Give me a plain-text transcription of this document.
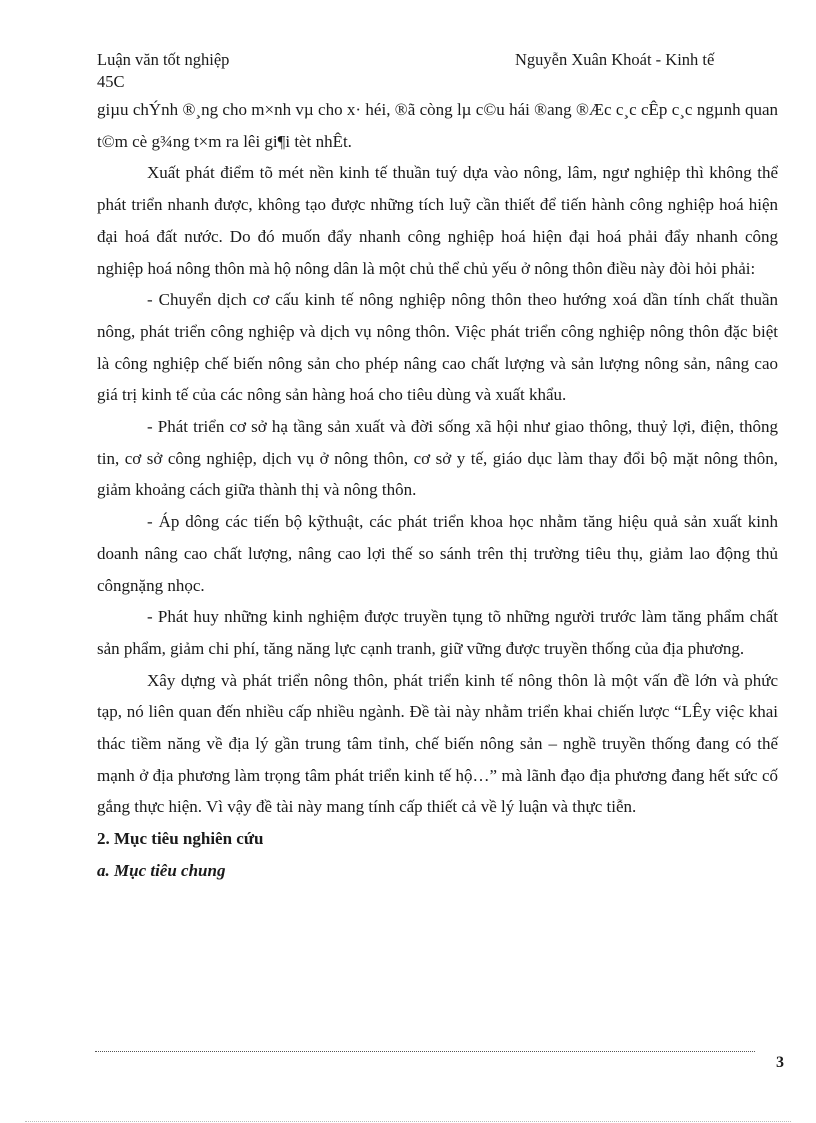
Luận văn tốt nghiệp	Nguyễn Xuân Khoát - Kinh tế
45C

giµu chÝnh ®¸ng cho m×nh vµ cho x· héi, ®ã còng lµ c©u hái ®ang ®Æc c¸c cÊp c¸c ngµnh quan t©m cè g¾ng t×m ra lêi gi¶i tèt nhÊt.

Xuất phát điểm tõ mét nền kinh tế thuần tuý dựa vào nông, lâm, ngư nghiệp thì không thể phát triển nhanh được, không tạo được những tích luỹ cần thiết để tiến hành công nghiệp hoá hiện đại hoá đất nước. Do đó muốn đẩy nhanh công nghiệp hoá hiện đại hoá phải đẩy nhanh công nghiệp hoá nông thôn mà hộ nông dân là một chủ thể chủ yếu ở nông thôn điều này đòi hỏi phải:

- Chuyển dịch cơ cấu kinh tế nông nghiệp nông thôn theo hướng xoá dần tính chất thuần nông, phát triển công nghiệp và dịch vụ nông thôn. Việc phát triển công nghiệp nông thôn đặc biệt là công nghiệp chế biến nông sản cho phép nâng cao chất lượng và sản lượng nông sản, nâng cao giá trị kinh tế của các nông sản hàng hoá cho tiêu dùng và xuất khẩu.

- Phát triển cơ sở hạ tầng sản xuất và đời sống xã hội như giao thông, thuỷ lợi, điện, thông tin, cơ sở công nghiệp, dịch vụ ở nông thôn, cơ sở y tế, giáo dục làm thay đổi bộ mặt nông thôn, giảm khoảng cách giữa thành thị và nông thôn.

- Áp dông các tiến bộ kỹthuật, các phát triển khoa học nhằm tăng hiệu quả sản xuất kinh doanh nâng cao chất lượng, nâng cao lợi thế so sánh trên thị trường tiêu thụ, giảm lao động thủ côngnặng nhọc.

- Phát huy những kinh nghiệm được truyền tụng tõ những người trước làm tăng phẩm chất sản phẩm, giảm chi phí, tăng năng lực cạnh tranh, giữ vững được truyền thống của địa phương.

Xây dựng và phát triển nông thôn, phát triển kinh tế nông thôn là một vấn đề lớn và phức tạp, nó liên quan đến nhiều cấp nhiều ngành. Đề tài này nhằm triển khai chiến lược “LÊy việc khai thác tiềm năng về địa lý gần trung tâm tỉnh, chế biến nông sản – nghề truyền thống đang có thế mạnh ở địa phương làm trọng tâm phát triển kinh tế hộ…” mà lãnh đạo địa phương đang hết sức cố gắng thực hiện. Vì vậy đề tài này mang tính cấp thiết cả về lý luận và thực tiễn.

2. Mục tiêu nghiên cứu

a. Mục tiêu chung

3
